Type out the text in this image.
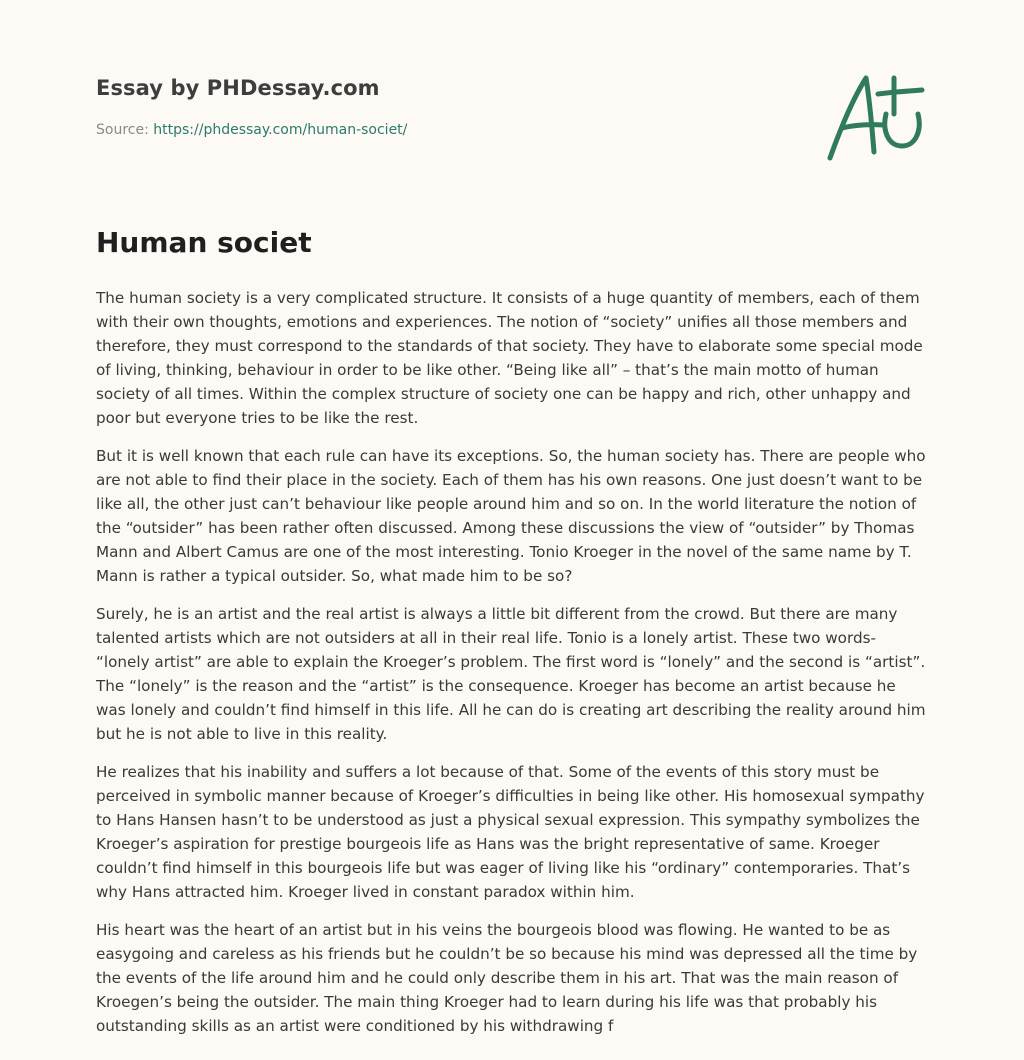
Essay by PHDessay.com
Source: https://phdessay.com/human-societ/
Human societ

The human society is a very complicated structure. It consists of a huge quantity of members, each of them with their own thoughts, emotions and experiences. The notion of “society” unifies all those members and therefore, they must correspond to the standards of that society. They have to elaborate some special mode of living, thinking, behaviour in order to be like other. “Being like all” – that’s the main motto of human society of all times. Within the complex structure of society one can be happy and rich, other unhappy and poor but everyone tries to be like the rest.

But it is well known that each rule can have its exceptions. So, the human society has. There are people who are not able to find their place in the society. Each of them has his own reasons. One just doesn’t want to be like all, the other just can’t behaviour like people around him and so on. In the world literature the notion of the “outsider” has been rather often discussed. Among these discussions the view of “outsider” by Thomas Mann and Albert Camus are one of the most interesting. Tonio Kroeger in the novel of the same name by T. Mann is rather a typical outsider. So, what made him to be so?

Surely, he is an artist and the real artist is always a little bit different from the crowd. But there are many talented artists which are not outsiders at all in their real life. Tonio is a lonely artist. These two words- “lonely artist” are able to explain the Kroeger’s problem. The first word is “lonely” and the second is “artist”. The “lonely” is the reason and the “artist” is the consequence. Kroeger has become an artist because he was lonely and couldn’t find himself in this life. All he can do is creating art describing the reality around him but he is not able to live in this reality.

He realizes that his inability and suffers a lot because of that. Some of the events of this story must be perceived in symbolic manner because of Kroeger’s difficulties in being like other. His homosexual sympathy to Hans Hansen hasn’t to be understood as just a physical sexual expression. This sympathy symbolizes the Kroeger’s aspiration for prestige bourgeois life as Hans was the bright representative of same. Kroeger couldn’t find himself in this bourgeois life but was eager of living like his “ordinary” contemporaries. That’s why Hans attracted him. Kroeger lived in constant paradox within him.

His heart was the heart of an artist but in his veins the bourgeois blood was flowing. He wanted to be as easygoing and careless as his friends but he couldn’t be so because his mind was depressed all the time by the events of the life around him and he could only describe them in his art. That was the main reason of Kroegen’s being the outsider. The main thing Kroeger had to learn during his life was that probably his outstanding skills as an artist were conditioned by his withdrawing f
